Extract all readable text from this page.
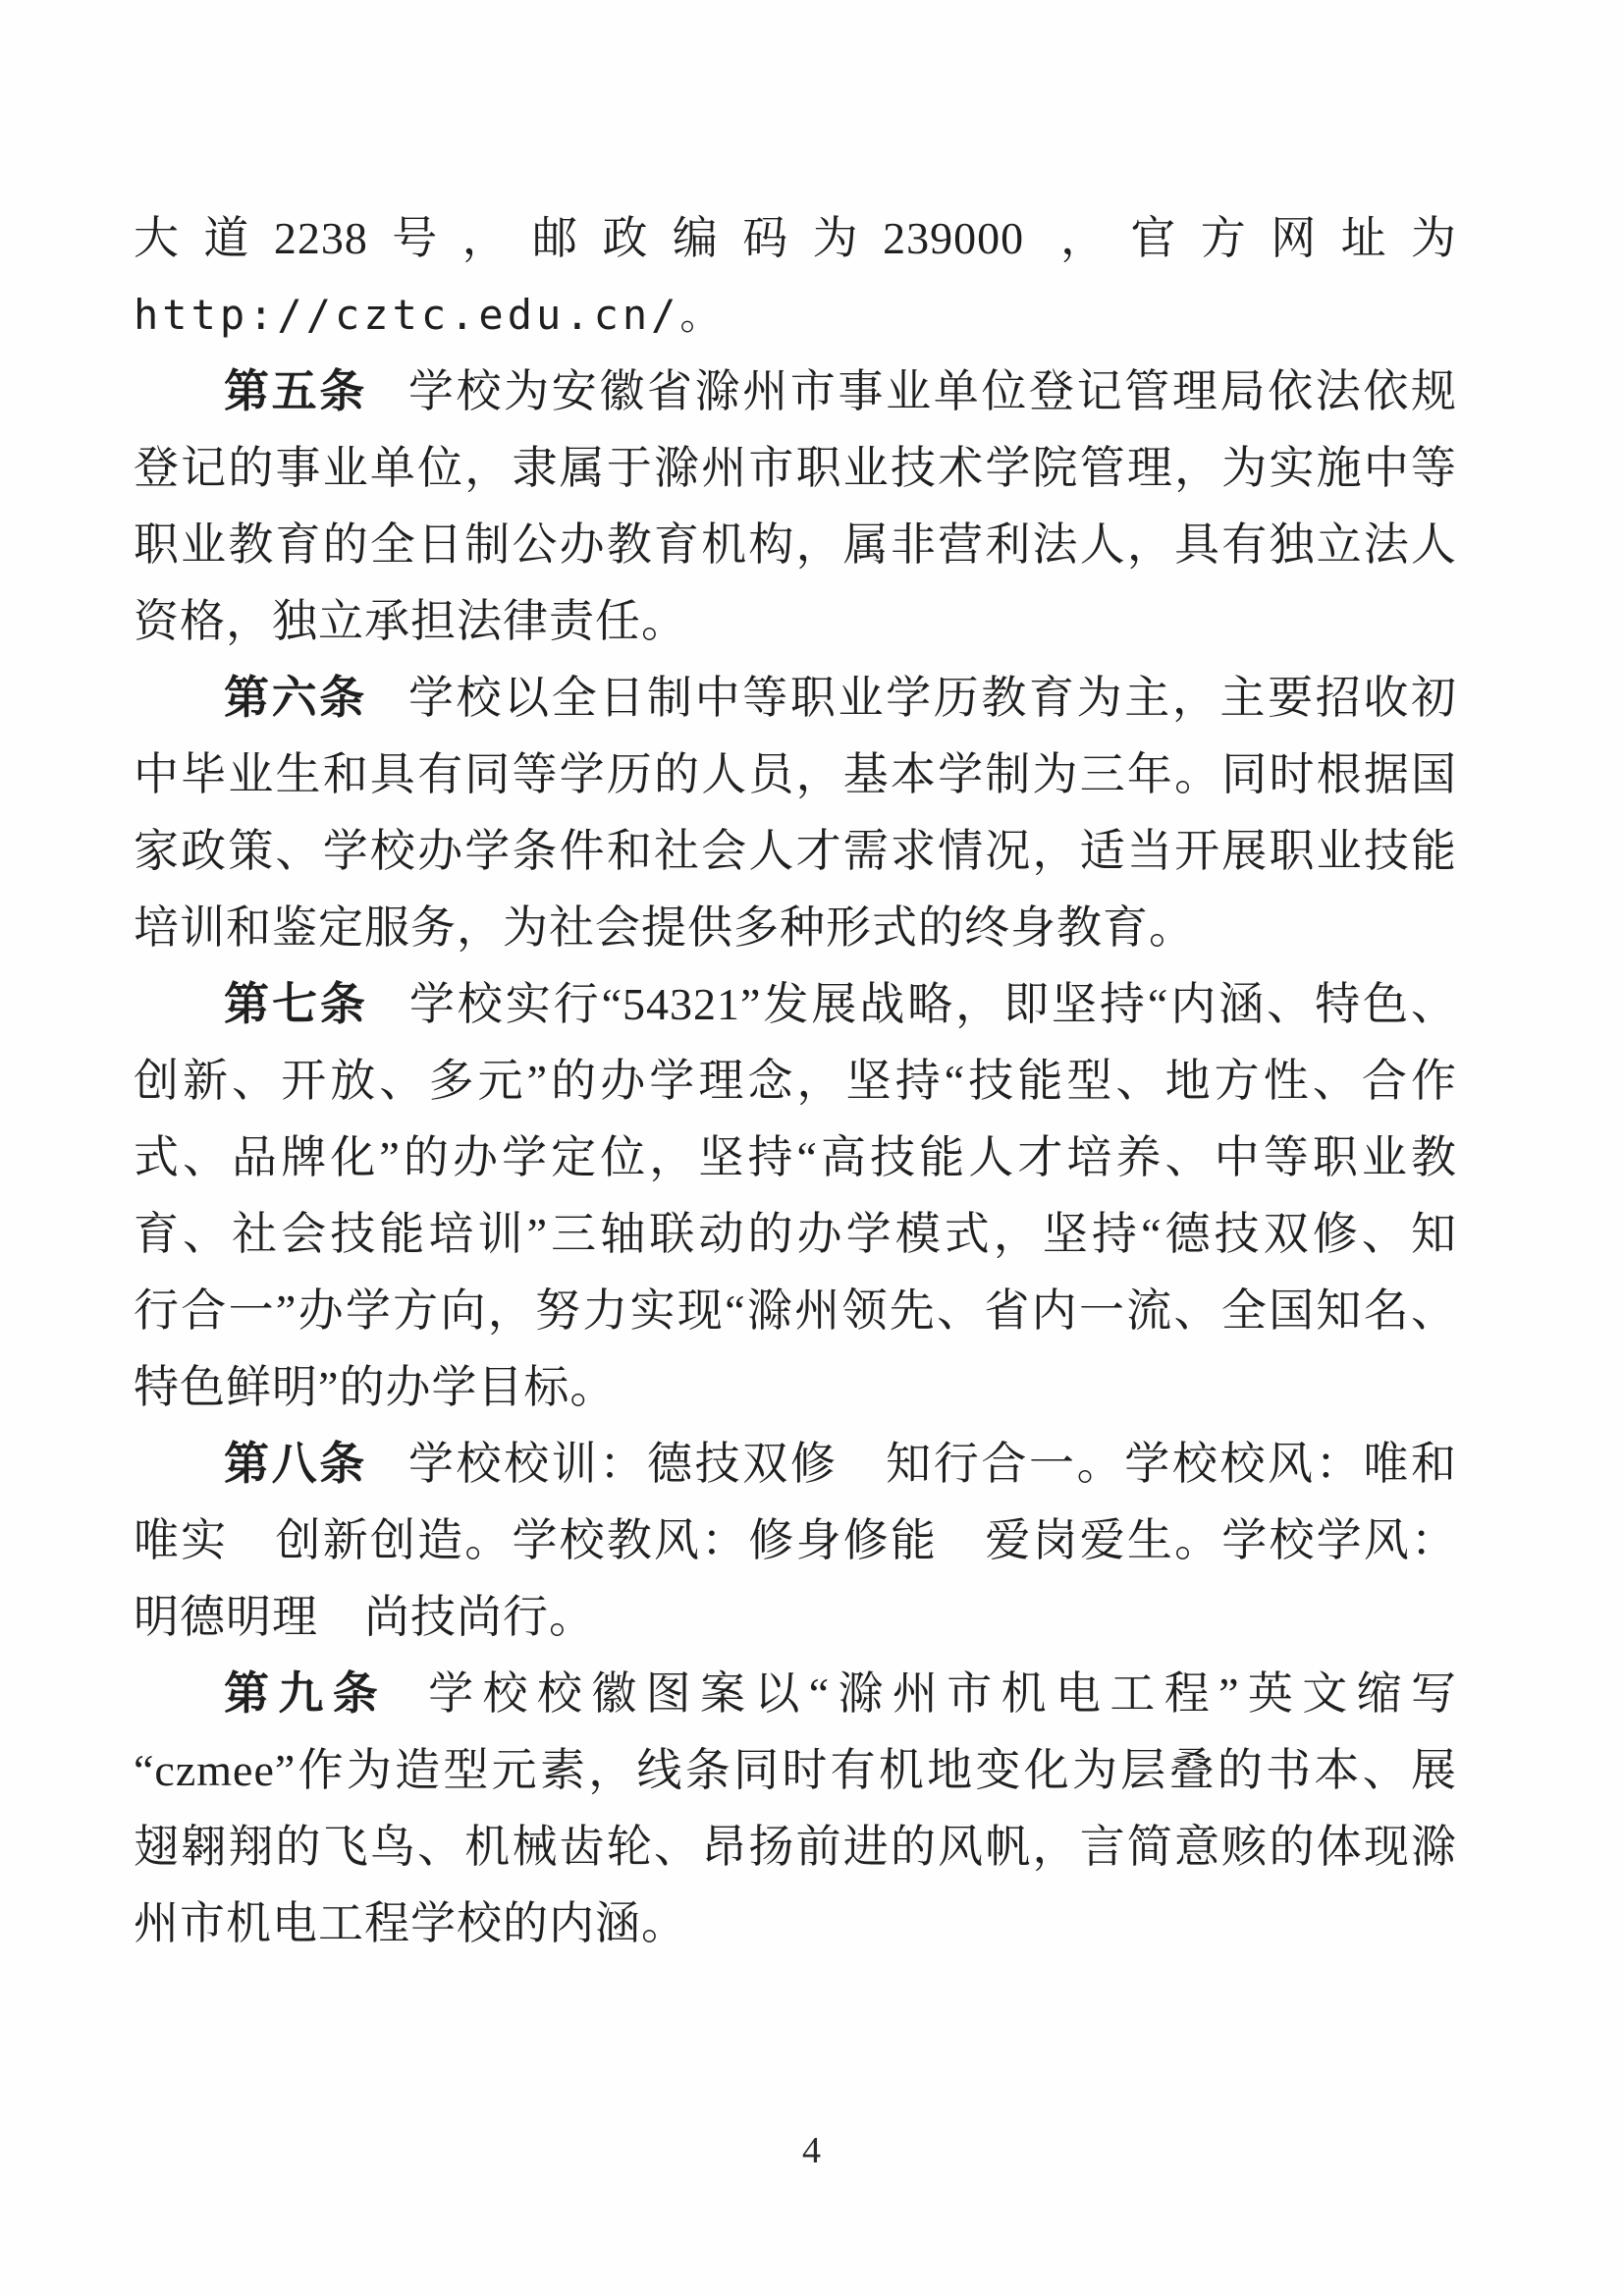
大道2238号，邮政编码为239000 ，官方网址为
http://cztc.edu.cn/。
第五条 学校为安徽省滁州市事业单位登记管理局依法依规
登记的事业单位，隶属于滁州市职业技术学院管理，为实施中等
职业教育的全日制公办教育机构，属非营利法人，具有独立法人
资格，独立承担法律责任。
第六条 学校以全日制中等职业学历教育为主，主要招收初
中毕业生和具有同等学历的人员，基本学制为三年。同时根据国
家政策、学校办学条件和社会人才需求情况，适当开展职业技能
培训和鉴定服务，为社会提供多种形式的终身教育。
第七条 学校实行“54321”发展战略，即坚持“内涵、特色、
创新、开放、多元”的办学理念，坚持“技能型、地方性、合作
式、品牌化”的办学定位，坚持“高技能人才培养、中等职业教
育、社会技能培训”三轴联动的办学模式，坚持“德技双修、知
行合一”办学方向，努力实现“滁州领先、省内一流、全国知名、
特色鲜明”的办学目标。
第八条 学校校训：德技双修　知行合一。学校校风：唯和
唯实　创新创造。学校教风：修身修能　爱岗爱生。学校学风：
明德明理　尚技尚行。
第九条 学校校徽图案以“滁州市机电工程”英文缩写
“czmee”作为造型元素，线条同时有机地变化为层叠的书本、展
翅翱翔的飞鸟、机械齿轮、昂扬前进的风帆，言简意赅的体现滁
州市机电工程学校的内涵。
4
